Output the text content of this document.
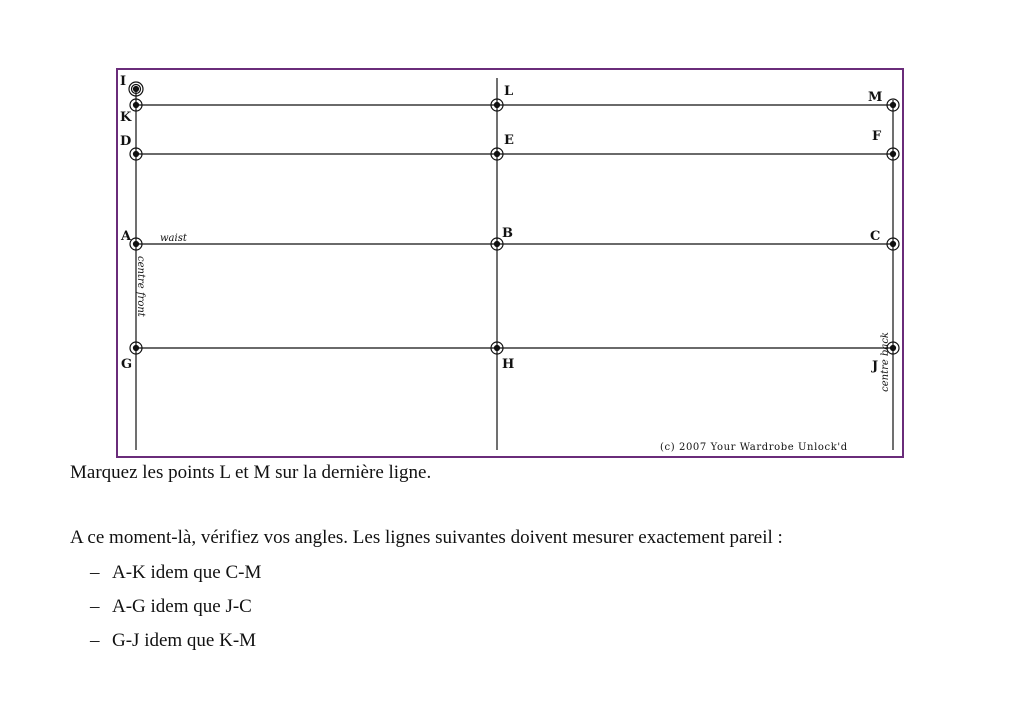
I
K
L	M
D	E	F
A	B	C
G	H	J
waist
centre front
centre back
(c) 2007 Your Wardrobe Unlock'd

Marquez les points L et M sur la dernière ligne.

A ce moment-là, vérifiez vos angles. Les lignes suivantes doivent mesurer exactement pareil :

– A-K idem que C-M
– A-G idem que J-C
– G-J idem que K-M
